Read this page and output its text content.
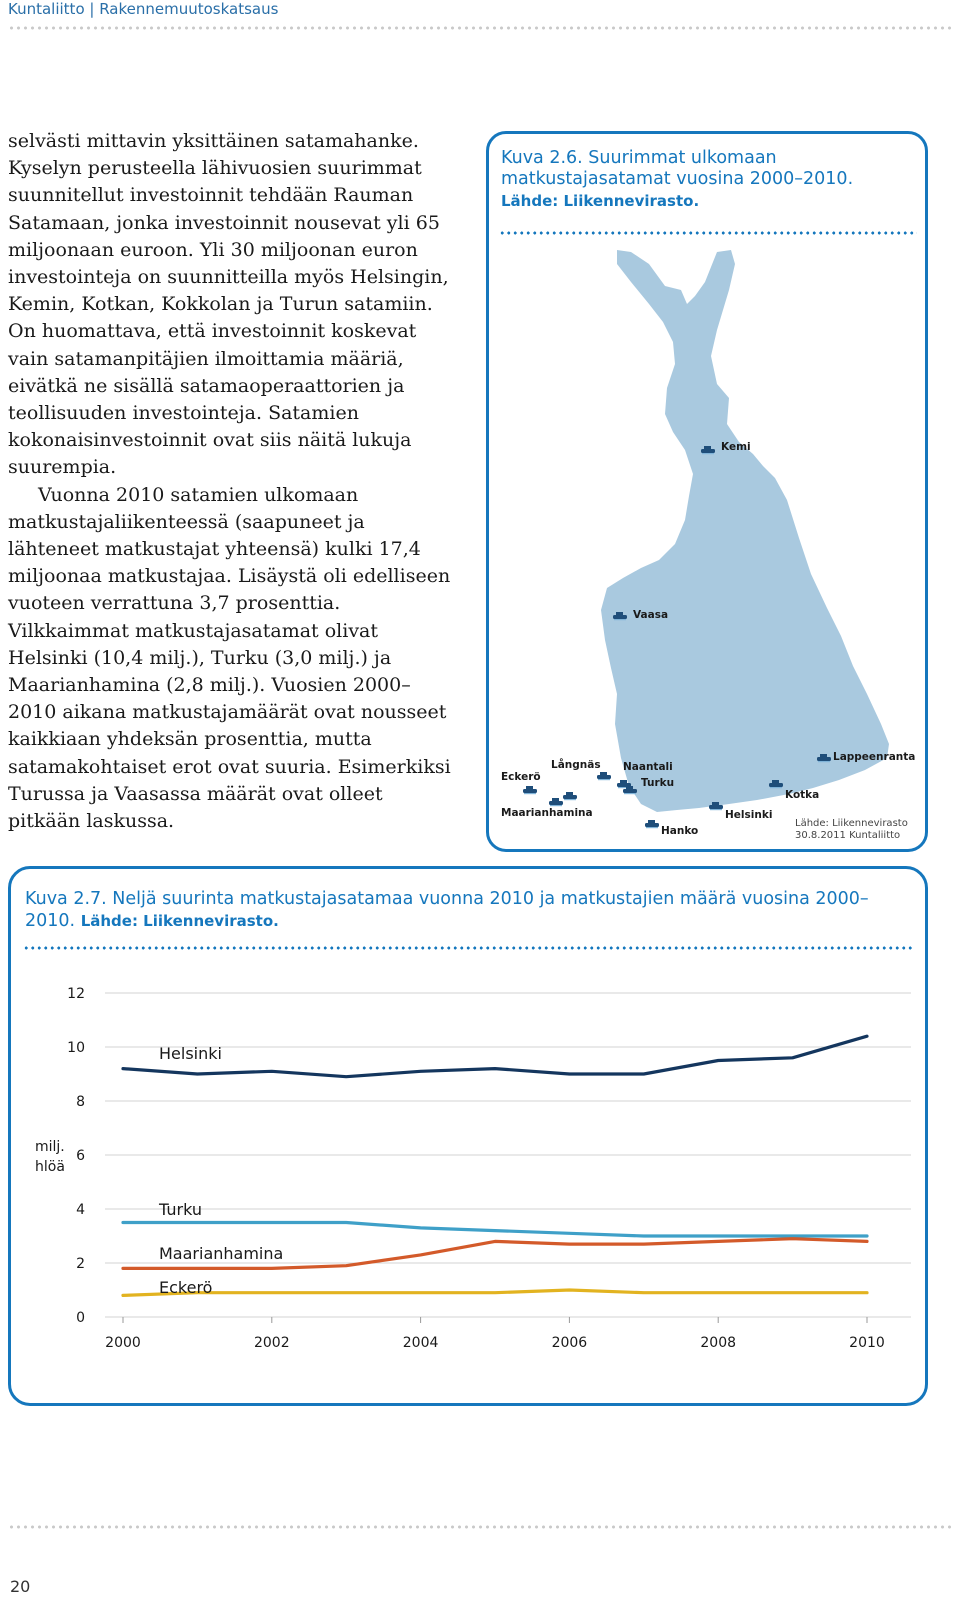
Kuntaliitto | Rakennemuutoskatsaus

selvästi mittavin yksittäinen satamahanke. Kyselyn perusteella lähivuosien suurimmat suunnitellut investoinnit tehdään Rauman Satamaan, jonka investoinnit nousevat yli 65 miljoonaan euroon. Yli 30 miljoonan euron investointeja on suunnitteilla myös Helsingin, Kemin, Kotkan, Kokkolan ja Turun satamiin. On huomattava, että investoinnit koskevat vain satamanpitäjien ilmoittamia määriä, eivätkä ne sisällä satamaoperaattorien ja teollisuuden investointeja. Satamien kokonaisinvestoinnit ovat siis näitä lukuja suurempia.

Vuonna 2010 satamien ulkomaan matkustajaliikenteessä (saapuneet ja lähteneet matkustajat yhteensä) kulki 17,4 miljoonaa matkustajaa. Lisäystä oli edelliseen vuoteen verrattuna 3,7 prosenttia. Vilkkaimmat matkustajasatamat olivat Helsinki (10,4 milj.), Turku (3,0 milj.) ja Maarianhamina (2,8 milj.). Vuosien 2000–2010 aikana matkustajamäärät ovat nousseet kaikkiaan yhdeksän prosenttia, mutta satamakohtaiset erot ovat suuria. Esimerkiksi Turussa ja Vaasassa määrät ovat olleet pitkään laskussa.

Kuva 2.6. Suurimmat ulkomaan matkustajasatamat vuosina 2000–2010.
Lähde: Liikennevirasto.
Kemi
Vaasa
Långnäs Naantali
Eckerö	Turku
Lappeenranta
Kotka
Maarianhamina	Helsinki
Hanko
Lähde: Liikennevirasto
30.8.2011 Kuntaliitto
Kuva 2.7. Neljä suurinta matkustajasatamaa vuonna 2010 ja matkustajien määrä vuosina 2000–2010. Lähde: Liikennevirasto.
0
2
4
6
8
10
12
2000	2002	2004	2006	2008	2010
milj.
hlöä
Helsinki
Turku
Maarianhamina
Eckerö
20
